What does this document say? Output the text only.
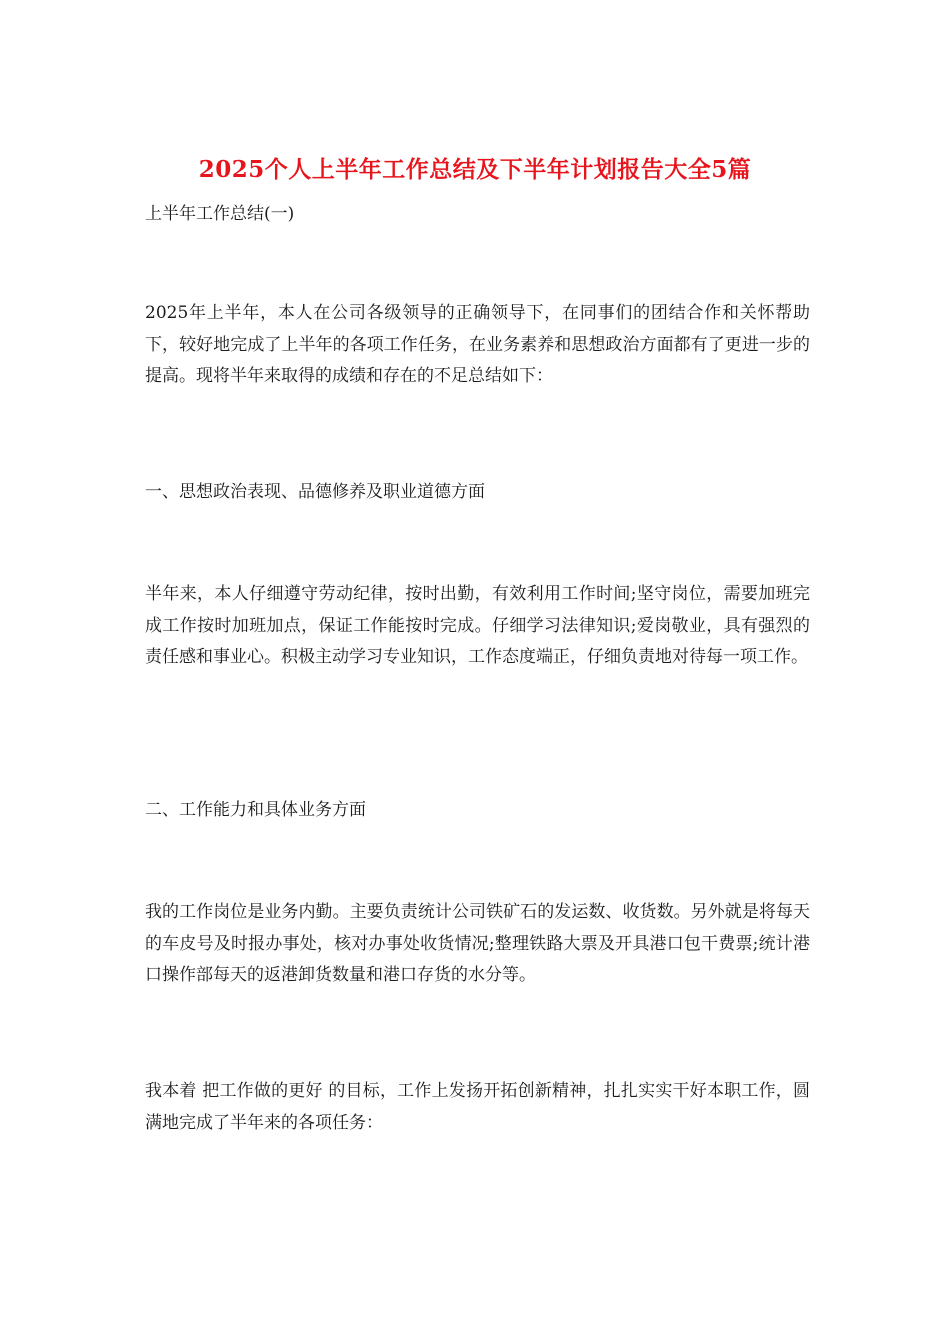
2025个人上半年工作总结及下半年计划报告大全5篇
上半年工作总结(一)
2025年上半年，本人在公司各级领导的正确领导下，在同事们的团结合作和关怀帮助下，较好地完成了上半年的各项工作任务，在业务素养和思想政治方面都有了更进一步的提高。现将半年来取得的成绩和存在的不足总结如下：
一、思想政治表现、品德修养及职业道德方面
半年来，本人仔细遵守劳动纪律，按时出勤，有效利用工作时间;坚守岗位，需要加班完成工作按时加班加点，保证工作能按时完成。仔细学习法律知识;爱岗敬业，具有强烈的责任感和事业心。积极主动学习专业知识，工作态度端正，仔细负责地对待每一项工作。
二、工作能力和具体业务方面
我的工作岗位是业务内勤。主要负责统计公司铁矿石的发运数、收货数。另外就是将每天的车皮号及时报办事处，核对办事处收货情况;整理铁路大票及开具港口包干费票;统计港口操作部每天的返港卸货数量和港口存货的水分等。
我本着 把工作做的更好 的目标，工作上发扬开拓创新精神，扎扎实实干好本职工作，圆满地完成了半年来的各项任务：
